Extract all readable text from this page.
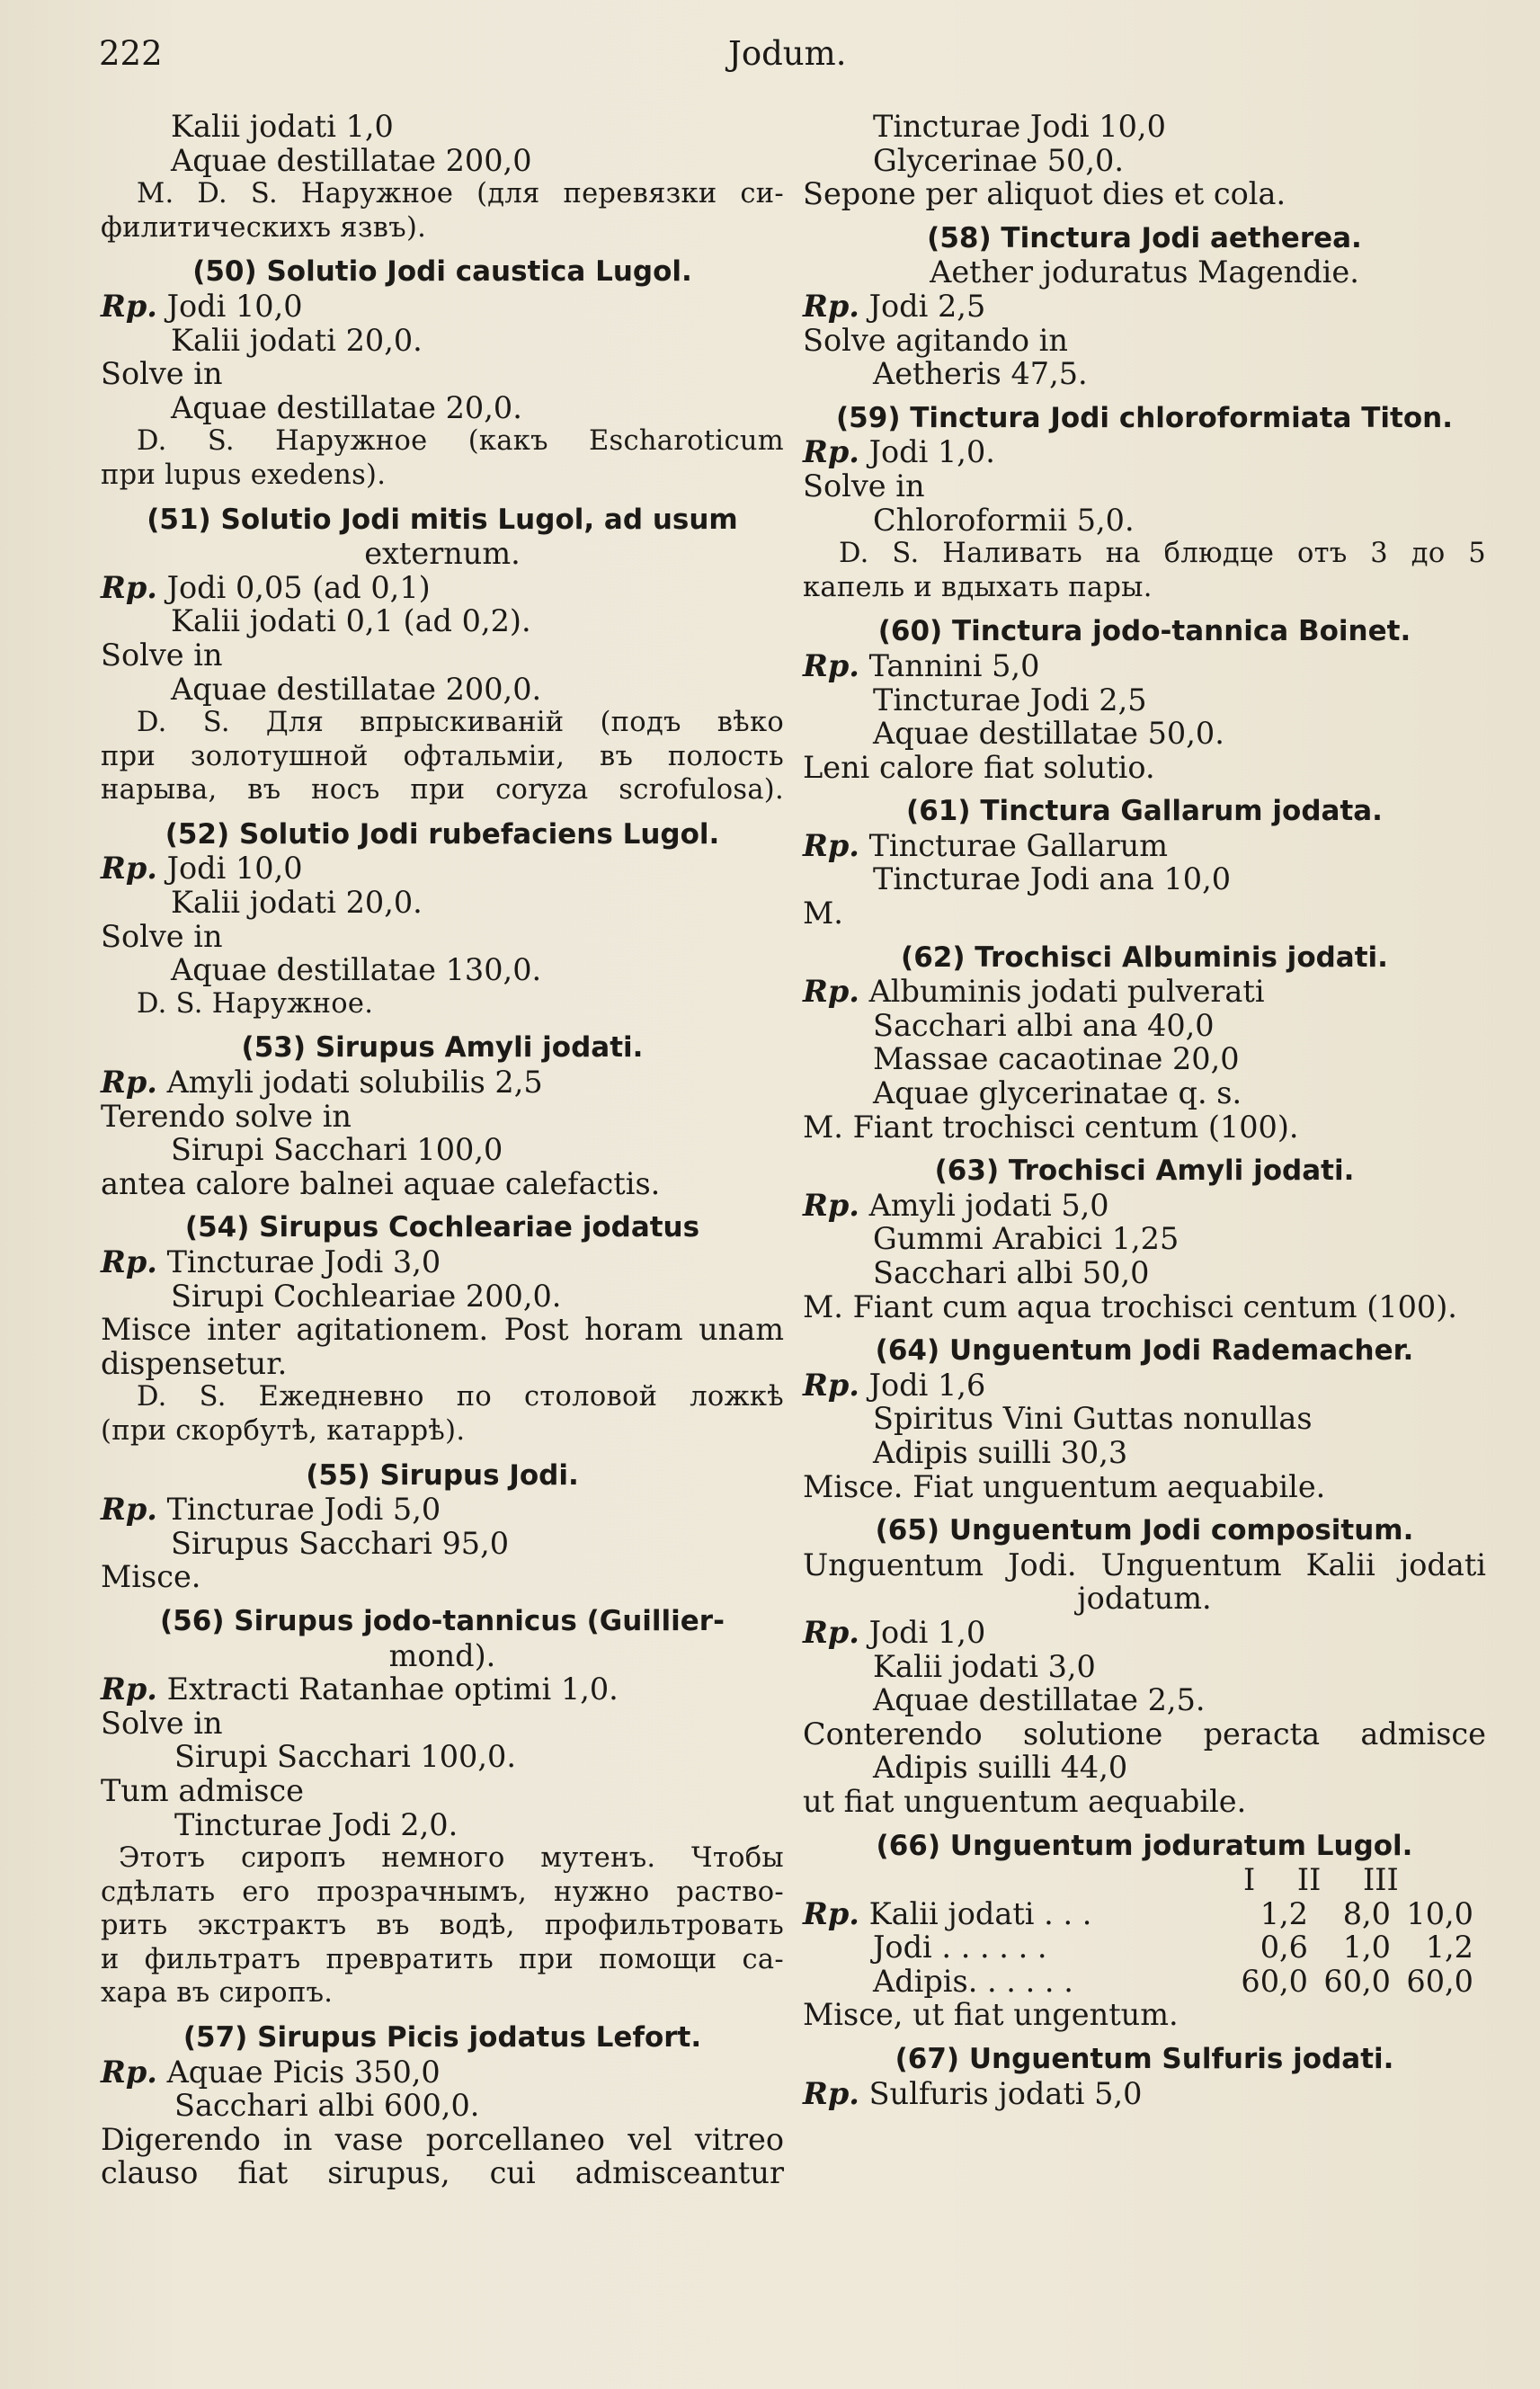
222	Jodum.
Kalii jodati 1,0
Aquae destillatae 200,0
M. D. S. Наружное (для перевязки си-
филитическихъ язвъ).
(50) Solutio Jodi caustica Lugol.
Rp. Jodi 10,0
Kalii jodati 20,0.
Solve in
Aquae destillatae 20,0.
D. S. Наружное (какъ Escharoticum
при lupus exedens).
(51) Solutio Jodi mitis Lugol, ad usum
externum.
Rp. Jodi 0,05 (ad 0,1)
Kalii jodati 0,1 (ad 0,2).
Solve in
Aquae destillatae 200,0.
D. S. Для впрыскиваній (подъ вѣко
при золотушной офтальміи, въ полость
нарыва, въ носъ при coryza scrofulosa).
(52) Solutio Jodi rubefaciens Lugol.
Rp. Jodi 10,0
Kalii jodati 20,0.
Solve in
Aquae destillatae 130,0.
D. S. Наружное.
(53) Sirupus Amyli jodati.
Rp. Amyli jodati solubilis 2,5
Terendo solve in
Sirupi Sacchari 100,0
antea calore balnei aquae calefactis.
(54) Sirupus Cochleariae jodatus
Rp. Tincturae Jodi 3,0
Sirupi Cochleariae 200,0.
Misce inter agitationem. Post horam unam
dispensetur.
D. S. Ежедневно по столовой ложкѣ
(при скорбутѣ, катаррѣ).
(55) Sirupus Jodi.
Rp. Tincturae Jodi 5,0
Sirupus Sacchari 95,0
Misce.
(56) Sirupus jodo-tannicus (Guillier-
mond).
Rp. Extracti Ratanhae optimi 1,0.
Solve in
Sirupi Sacchari 100,0.
Tum admisce
Tincturae Jodi 2,0.
Этотъ сиропъ немного мутенъ. Чтобы
сдѣлать его прозрачнымъ, нужно раство-
рить экстрактъ въ водѣ, профильтровать
и фильтратъ превратить при помощи са-
хара въ сиропъ.
(57) Sirupus Picis jodatus Lefort.
Rp. Aquae Picis 350,0
Sacchari albi 600,0.
Digerendo in vase porcellaneo vel vitreo
clauso fiat sirupus, cui admisceantur
Tincturae Jodi 10,0
Glycerinae 50,0.
Sepone per aliquot dies et cola.
(58) Tinctura Jodi aetherea.
Aether joduratus Magendie.
Rp. Jodi 2,5
Solve agitando in
Aetheris 47,5.
(59) Tinctura Jodi chloroformiata Titon.
Rp. Jodi 1,0.
Solve in
Chloroformii 5,0.
D. S. Наливать на блюдце отъ 3 до 5
капель и вдыхать пары.
(60) Tinctura jodo-tannica Boinet.
Rp. Tannini 5,0
Tincturae Jodi 2,5
Aquae destillatae 50,0.
Leni calore fiat solutio.
(61) Tinctura Gallarum jodata.
Rp. Tincturae Gallarum
Tincturae Jodi ana 10,0
M.
(62) Trochisci Albuminis jodati.
Rp. Albuminis jodati pulverati
Sacchari albi ana 40,0
Massae cacaotinae 20,0
Aquae glycerinatae q. s.
M. Fiant trochisci centum (100).
(63) Trochisci Amyli jodati.
Rp. Amyli jodati 5,0
Gummi Arabici 1,25
Sacchari albi 50,0
M. Fiant cum aqua trochisci centum (100).
(64) Unguentum Jodi Rademacher.
Rp. Jodi 1,6
Spiritus Vini Guttas nonullas
Adipis suilli 30,3
Misce. Fiat unguentum aequabile.
(65) Unguentum Jodi compositum.
Unguentum Jodi. Unguentum Kalii jodati
jodatum.
Rp. Jodi 1,0
Kalii jodati 3,0
Aquae destillatae 2,5.
Conterendo solutione peracta admisce
Adipis suilli 44,0
ut fiat unguentum aequabile.
(66) Unguentum joduratum Lugol.
I II III
Rp. Kalii jodati . . .	1,2 8,0 10,0
Jodi . . . . . .	0,6 1,0 1,2
Adipis. . . . . .	60,0 60,0 60,0
Misce, ut fiat ungentum.
(67) Unguentum Sulfuris jodati.
Rp. Sulfuris jodati 5,0
